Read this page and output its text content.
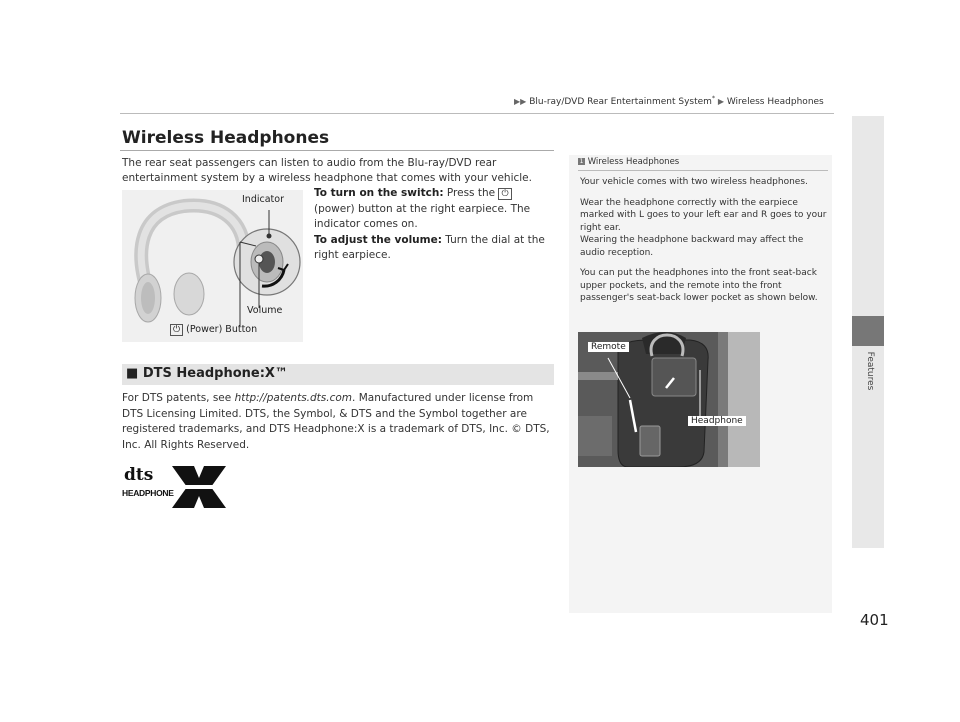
▶▶ Blu-ray/DVD Rear Entertainment System* ▶ Wireless Headphones
Wireless Headphones
Features
The rear seat passengers can listen to audio from the Blu-ray/DVD rear entertainment system by a wireless headphone that comes with your vehicle.
Indicator
Volume
⏻ (Power) Button
To turn on the switch: Press the ⏻ (power) button at the right earpiece. The indicator comes on.
To adjust the volume: Turn the dial at the right earpiece.
■ DTS Headphone:X™
For DTS patents, see http://patents.dts.com. Manufactured under license from DTS Licensing Limited. DTS, the Symbol, & DTS and the Symbol together are registered trademarks, and DTS Headphone:X is a trademark of DTS, Inc. © DTS, Inc. All Rights Reserved.
dts
HEADPHONE
1 Wireless Headphones

Your vehicle comes with two wireless headphones.

Wear the headphone correctly with the earpiece marked with L goes to your left ear and R goes to your right ear.

Wearing the headphone backward may affect the audio reception.

You can put the headphones into the front seat-back upper pockets, and the remote into the front passenger's seat-back lower pocket as shown below.

Remote
Headphone
401
